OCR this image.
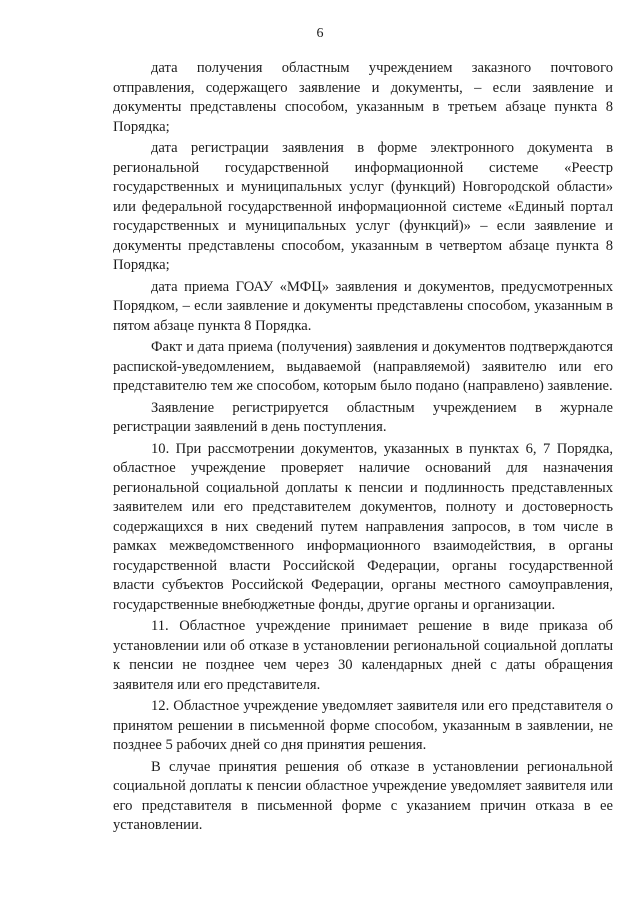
6

дата получения областным учреждением заказного почтового отправления, содержащего заявление и документы, – если заявление и документы представлены способом, указанным в третьем абзаце пункта 8 Порядка;

дата регистрации заявления в форме электронного документа в региональной государственной информационной системе «Реестр государственных и муниципальных услуг (функций) Новгородской области» или федеральной государственной информационной системе «Единый портал государственных и муниципальных услуг (функций)» – если заявление и документы представлены способом, указанным в четвертом абзаце пункта 8 Порядка;

дата приема ГОАУ «МФЦ» заявления и документов, предусмотренных Порядком, – если заявление и документы представлены способом, указанным в пятом абзаце пункта 8 Порядка.

Факт и дата приема (получения) заявления и документов подтверждаются распиской-уведомлением, выдаваемой (направляемой) заявителю или его представителю тем же способом, которым было подано (направлено) заявление.

Заявление регистрируется областным учреждением в журнале регистрации заявлений в день поступления.

10. При рассмотрении документов, указанных в пунктах 6, 7 Порядка, областное учреждение проверяет наличие оснований для назначения региональной социальной доплаты к пенсии и подлинность представленных заявителем или его представителем документов, полноту и достоверность содержащихся в них сведений путем направления запросов, в том числе в рамках межведомственного информационного взаимодействия, в органы государственной власти Российской Федерации, органы государственной власти субъектов Российской Федерации, органы местного самоуправления, государственные внебюджетные фонды, другие органы и организации.

11. Областное учреждение принимает решение в виде приказа об установлении или об отказе в установлении региональной социальной доплаты к пенсии не позднее чем через 30 календарных дней с даты обращения заявителя или его представителя.

12. Областное учреждение уведомляет заявителя или его представителя о принятом решении в письменной форме способом, указанным в заявлении, не позднее 5 рабочих дней со дня принятия решения.

В случае принятия решения об отказе в установлении региональной социальной доплаты к пенсии областное учреждение уведомляет заявителя или его представителя в письменной форме с указанием причин отказа в ее установлении.
